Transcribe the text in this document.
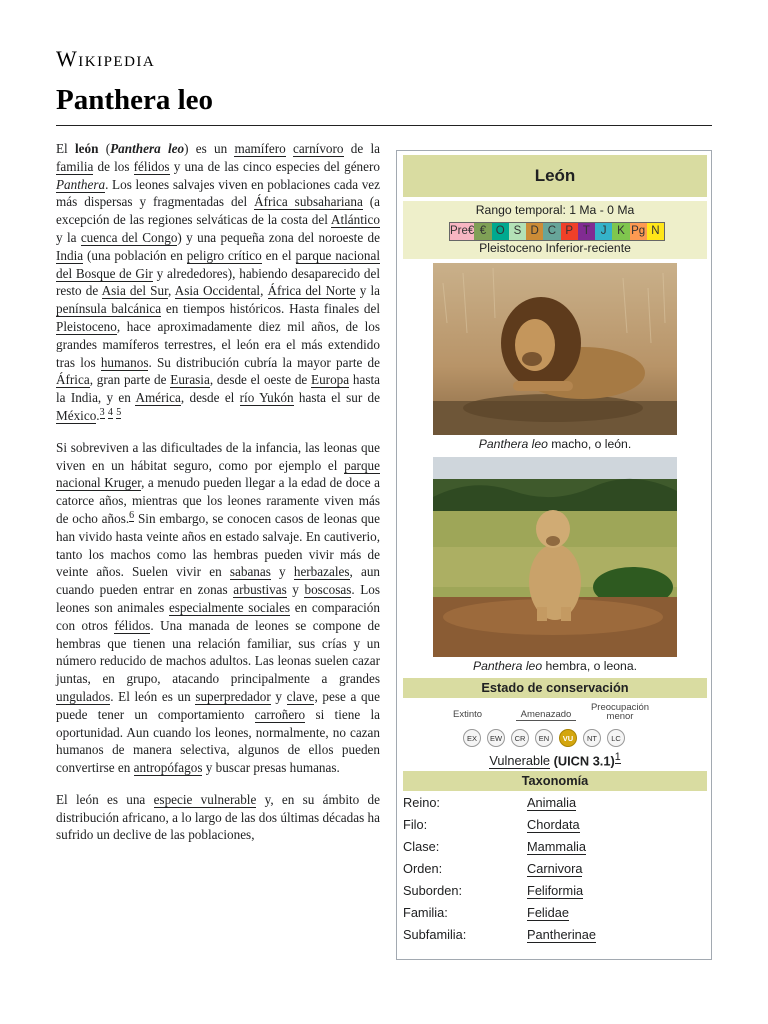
Wikipedia
Panthera leo

El león (Panthera leo) es un mamífero carnívoro de la familia de los félidos y una de las cinco especies del género Panthera. Los leones salvajes viven en poblaciones cada vez más dispersas y fragmentadas del África subsahariana (a excepción de las regiones selváticas de la costa del Atlántico y la cuenca del Congo) y una pequeña zona del noroeste de India (una población en peligro crítico en el parque nacional del Bosque de Gir y alrededores), habiendo desaparecido del resto de Asia del Sur, Asia Occidental, África del Norte y la península balcánica en tiempos históricos. Hasta finales del Pleistoceno, hace aproximadamente diez mil años, de los grandes mamíferos terrestres, el león era el más extendido tras los humanos. Su distribución cubría la mayor parte de África, gran parte de Eurasia, desde el oeste de Europa hasta la India, y en América, desde el río Yukón hasta el sur de México.$^3$ $^4$ $^5$

Si sobreviven a las dificultades de la infancia, las leonas que viven en un hábitat seguro, como por ejemplo el parque nacional Kruger, a menudo pueden llegar a la edad de doce a catorce años, mientras que los leones raramente viven más de ocho años.$^6$ Sin embargo, se conocen casos de leonas que han vivido hasta veinte años en estado salvaje. En cautiverio, tanto los machos como las hembras pueden vivir más de veinte años. Suelen vivir en sabanas y herbazales, aun cuando pueden entrar en zonas arbustivas y boscosas. Los leones son animales especialmente sociales en comparación con otros félidos. Una manada de leones se compone de hembras que tienen una relación familiar, sus crías y un número reducido de machos adultos. Las leonas suelen cazar juntas, en grupo, atacando principalmente a grandes ungulados. El león es un superpredador y clave, pese a que puede tener un comportamiento carroñero si tiene la oportunidad. Aun cuando los leones, normalmente, no cazan humanos de manera selectiva, algunos de ellos pueden convertirse en antropófagos y buscar presas humanas.

El león es una especie vulnerable y, en su ámbito de distribución africano, a lo largo de las dos últimas décadas ha sufrido un declive de las poblaciones,

León
Rango temporal: 1 Ma - 0 Ma
Pre€ € O S D C P T J K Pg N
Pleistoceno Inferior-reciente
Panthera leo macho, o león.
Panthera leo hembra, o leona.
Estado de conservación
Extinto	Amenazado
Preocupación menor
EX	EW	CR	EN	VU	NT	LC
Vulnerable (UICN 3.1)$^1$
Taxonomía
Reino:	Animalia
Filo:	Chordata
Clase:	Mammalia
Orden:	Carnivora
Suborden:	Feliformia
Familia:	Felidae
Subfamilia:	Pantherinae
